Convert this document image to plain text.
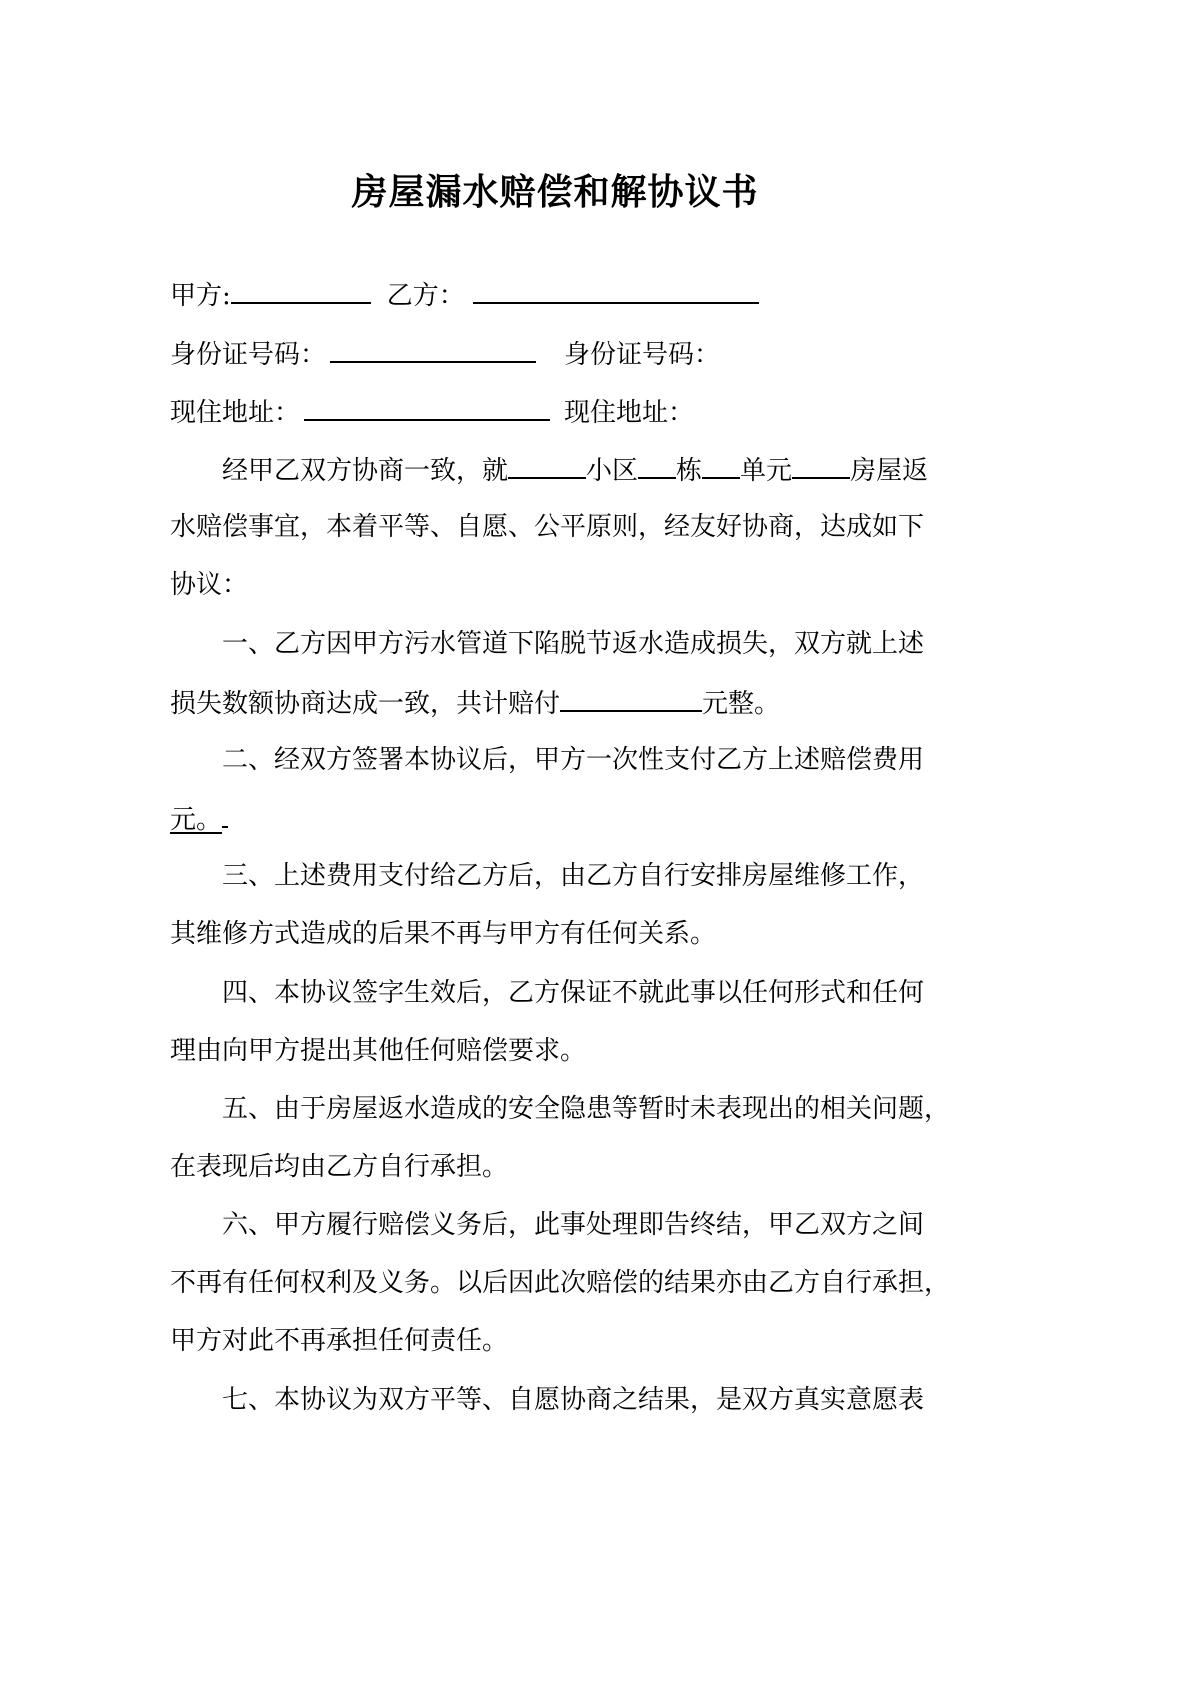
房屋漏水赔偿和解协议书
甲方:	乙方：
身份证号码：	身份证号码：
现住地址：	现住地址：
经甲乙双方协商一致，就	小区 栋 单元 房屋返
水赔偿事宜，本着平等、自愿、公平原则，经友好协商，达成如下
协议：
一、乙方因甲方污水管道下陷脱节返水造成损失，双方就上述
损失数额协商达成一致，共计赔付	元整。
二、经双方签署本协议后，甲方一次性支付乙方上述赔偿费用
元。
三、上述费用支付给乙方后，由乙方自行安排房屋维修工作，
其维修方式造成的后果不再与甲方有任何关系。
四、本协议签字生效后，乙方保证不就此事以任何形式和任何
理由向甲方提出其他任何赔偿要求。
五、由于房屋返水造成的安全隐患等暂时未表现出的相关问题，
在表现后均由乙方自行承担。
六、甲方履行赔偿义务后，此事处理即告终结，甲乙双方之间
不再有任何权利及义务。以后因此次赔偿的结果亦由乙方自行承担，
甲方对此不再承担任何责任。
七、本协议为双方平等、自愿协商之结果，是双方真实意愿表
